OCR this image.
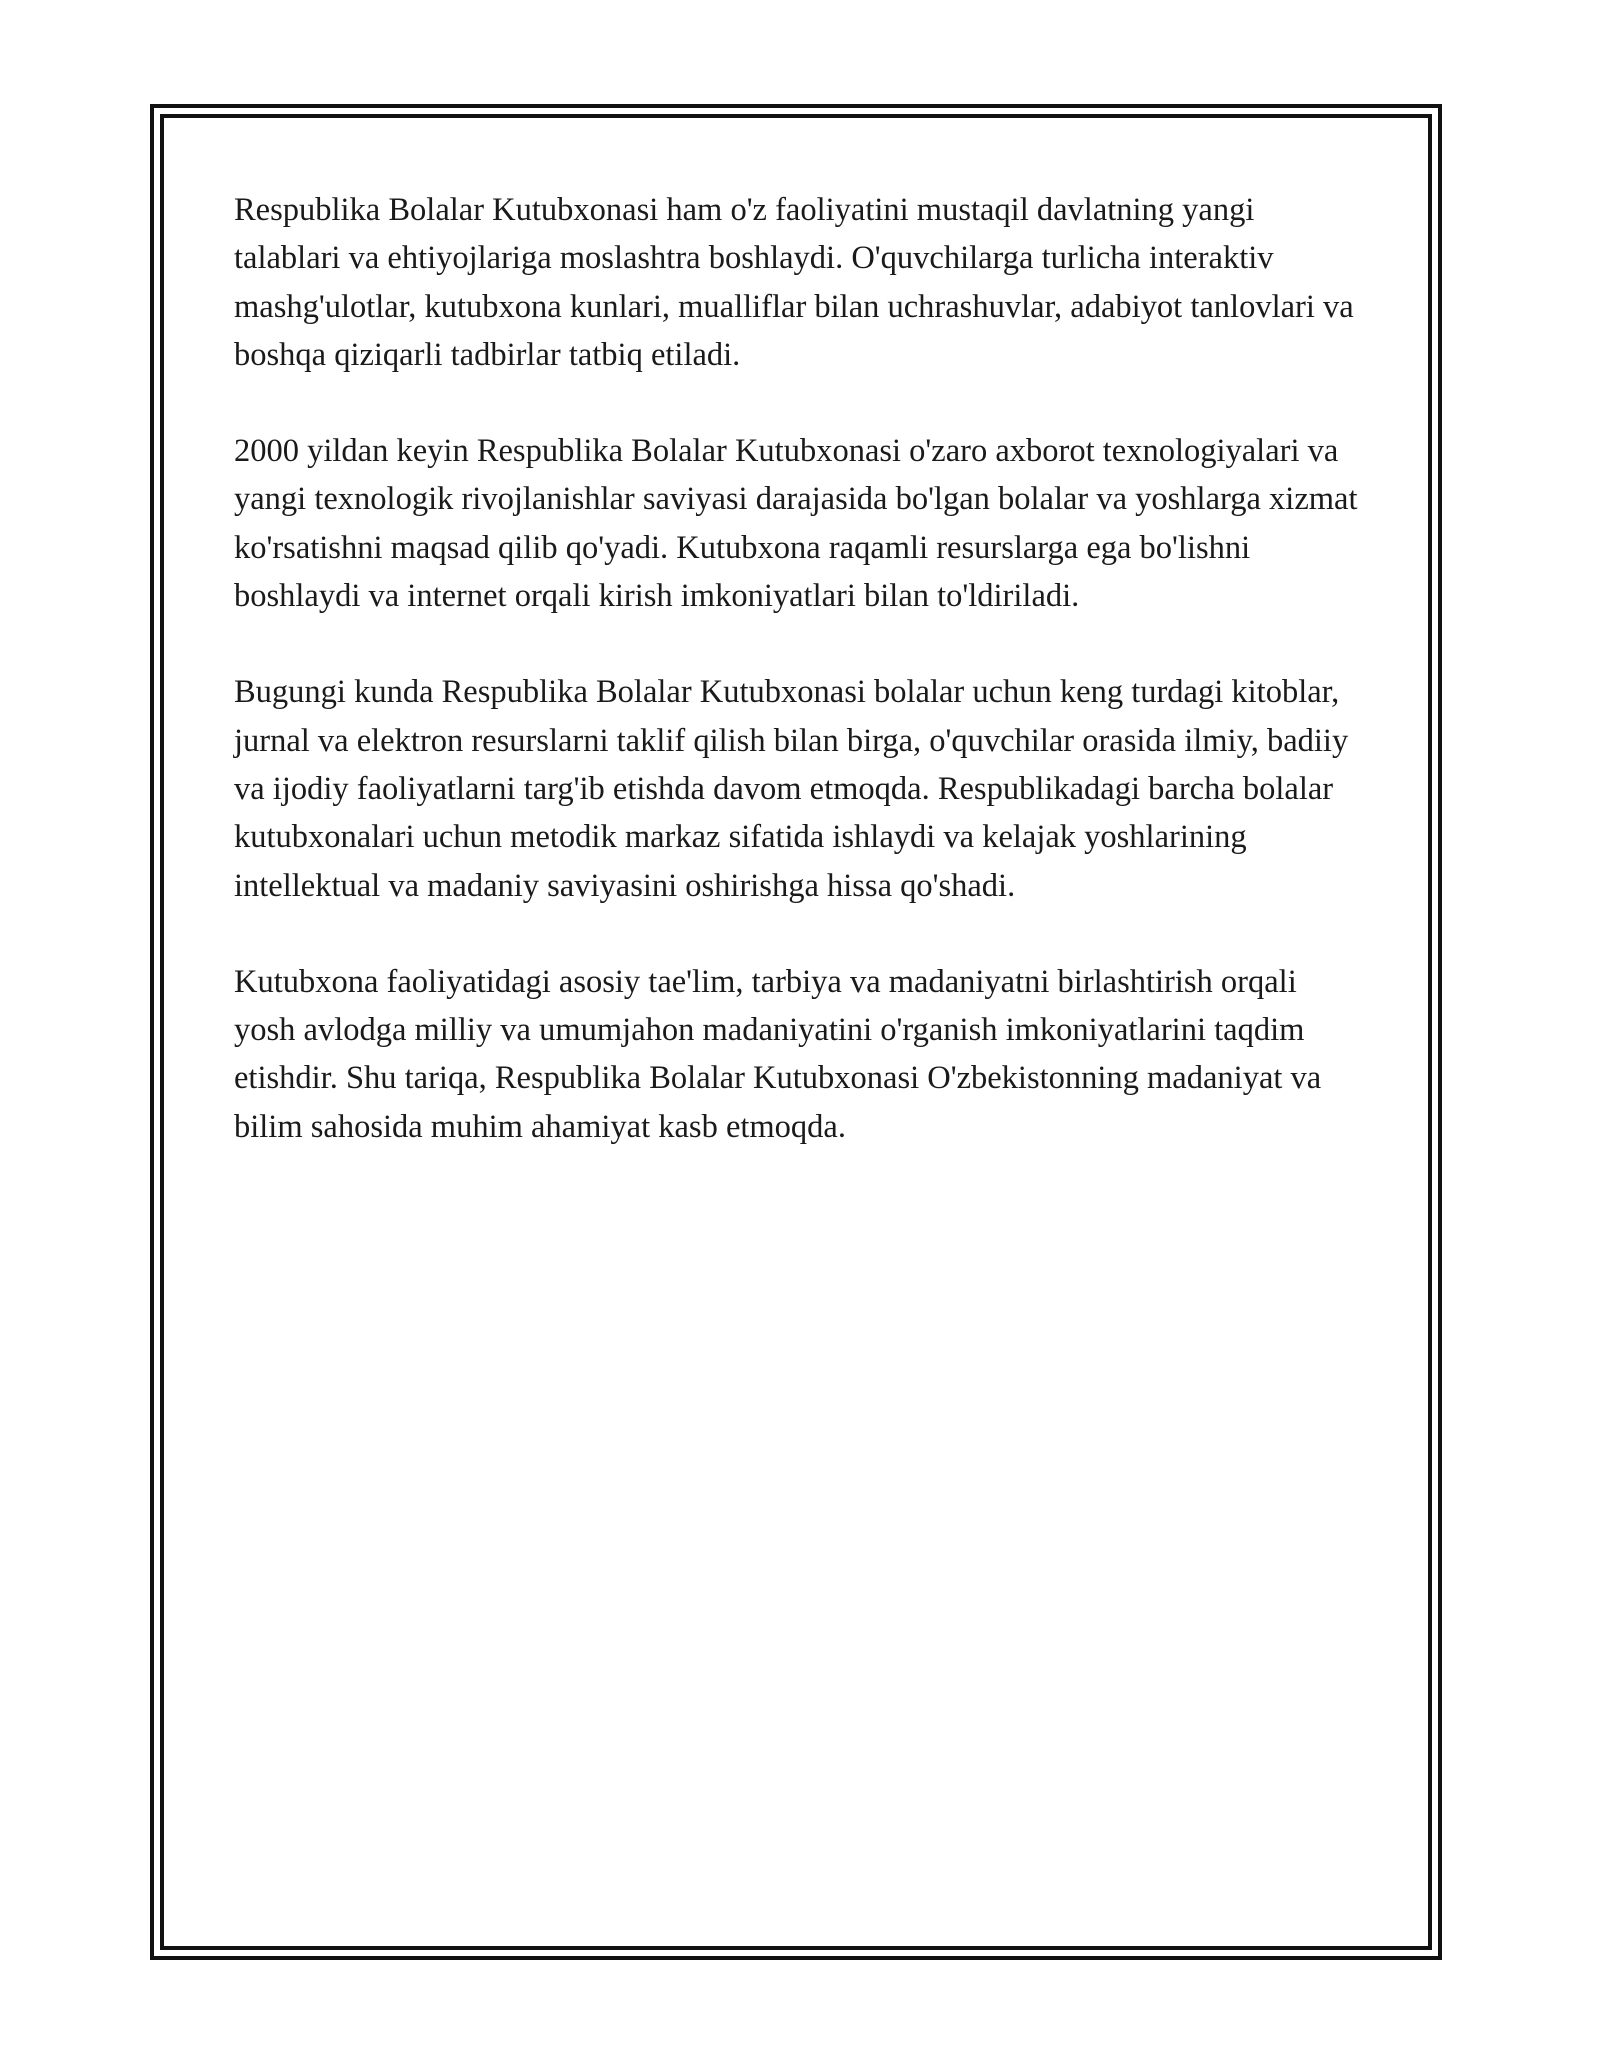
Respublika Bolalar Kutubxonasi ham o'z faoliyatini mustaqil davlatning yangi talablari va ehtiyojlariga moslashtra boshlaydi. O'quvchilarga turlicha interaktiv mashg'ulotlar, kutubxona kunlari, mualliflar bilan uchrashuvlar, adabiyot tanlovlari va boshqa qiziqarli tadbirlar tatbiq etiladi.

2000 yildan keyin Respublika Bolalar Kutubxonasi o'zaro axborot texnologiyalari va yangi texnologik rivojlanishlar saviyasi darajasida bo'lgan bolalar va yoshlarga xizmat ko'rsatishni maqsad qilib qo'yadi. Kutubxona raqamli resurslarga ega bo'lishni boshlaydi va internet orqali kirish imkoniyatlari bilan to'ldiriladi.

Bugungi kunda Respublika Bolalar Kutubxonasi bolalar uchun keng turdagi kitoblar, jurnal va elektron resurslarni taklif qilish bilan birga, o'quvchilar orasida ilmiy, badiiy va ijodiy faoliyatlarni targ'ib etishda davom etmoqda. Respublikadagi barcha bolalar kutubxonalari uchun metodik markaz sifatida ishlaydi va kelajak yoshlarining intellektual va madaniy saviyasini oshirishga hissa qo'shadi.

Kutubxona faoliyatidagi asosiy tae'lim, tarbiya va madaniyatni birlashtirish orqali yosh avlodga milliy va umumjahon madaniyatini o'rganish imkoniyatlarini taqdim etishdir. Shu tariqa, Respublika Bolalar Kutubxonasi O'zbekistonning madaniyat va bilim sahosida muhim ahamiyat kasb etmoqda.
